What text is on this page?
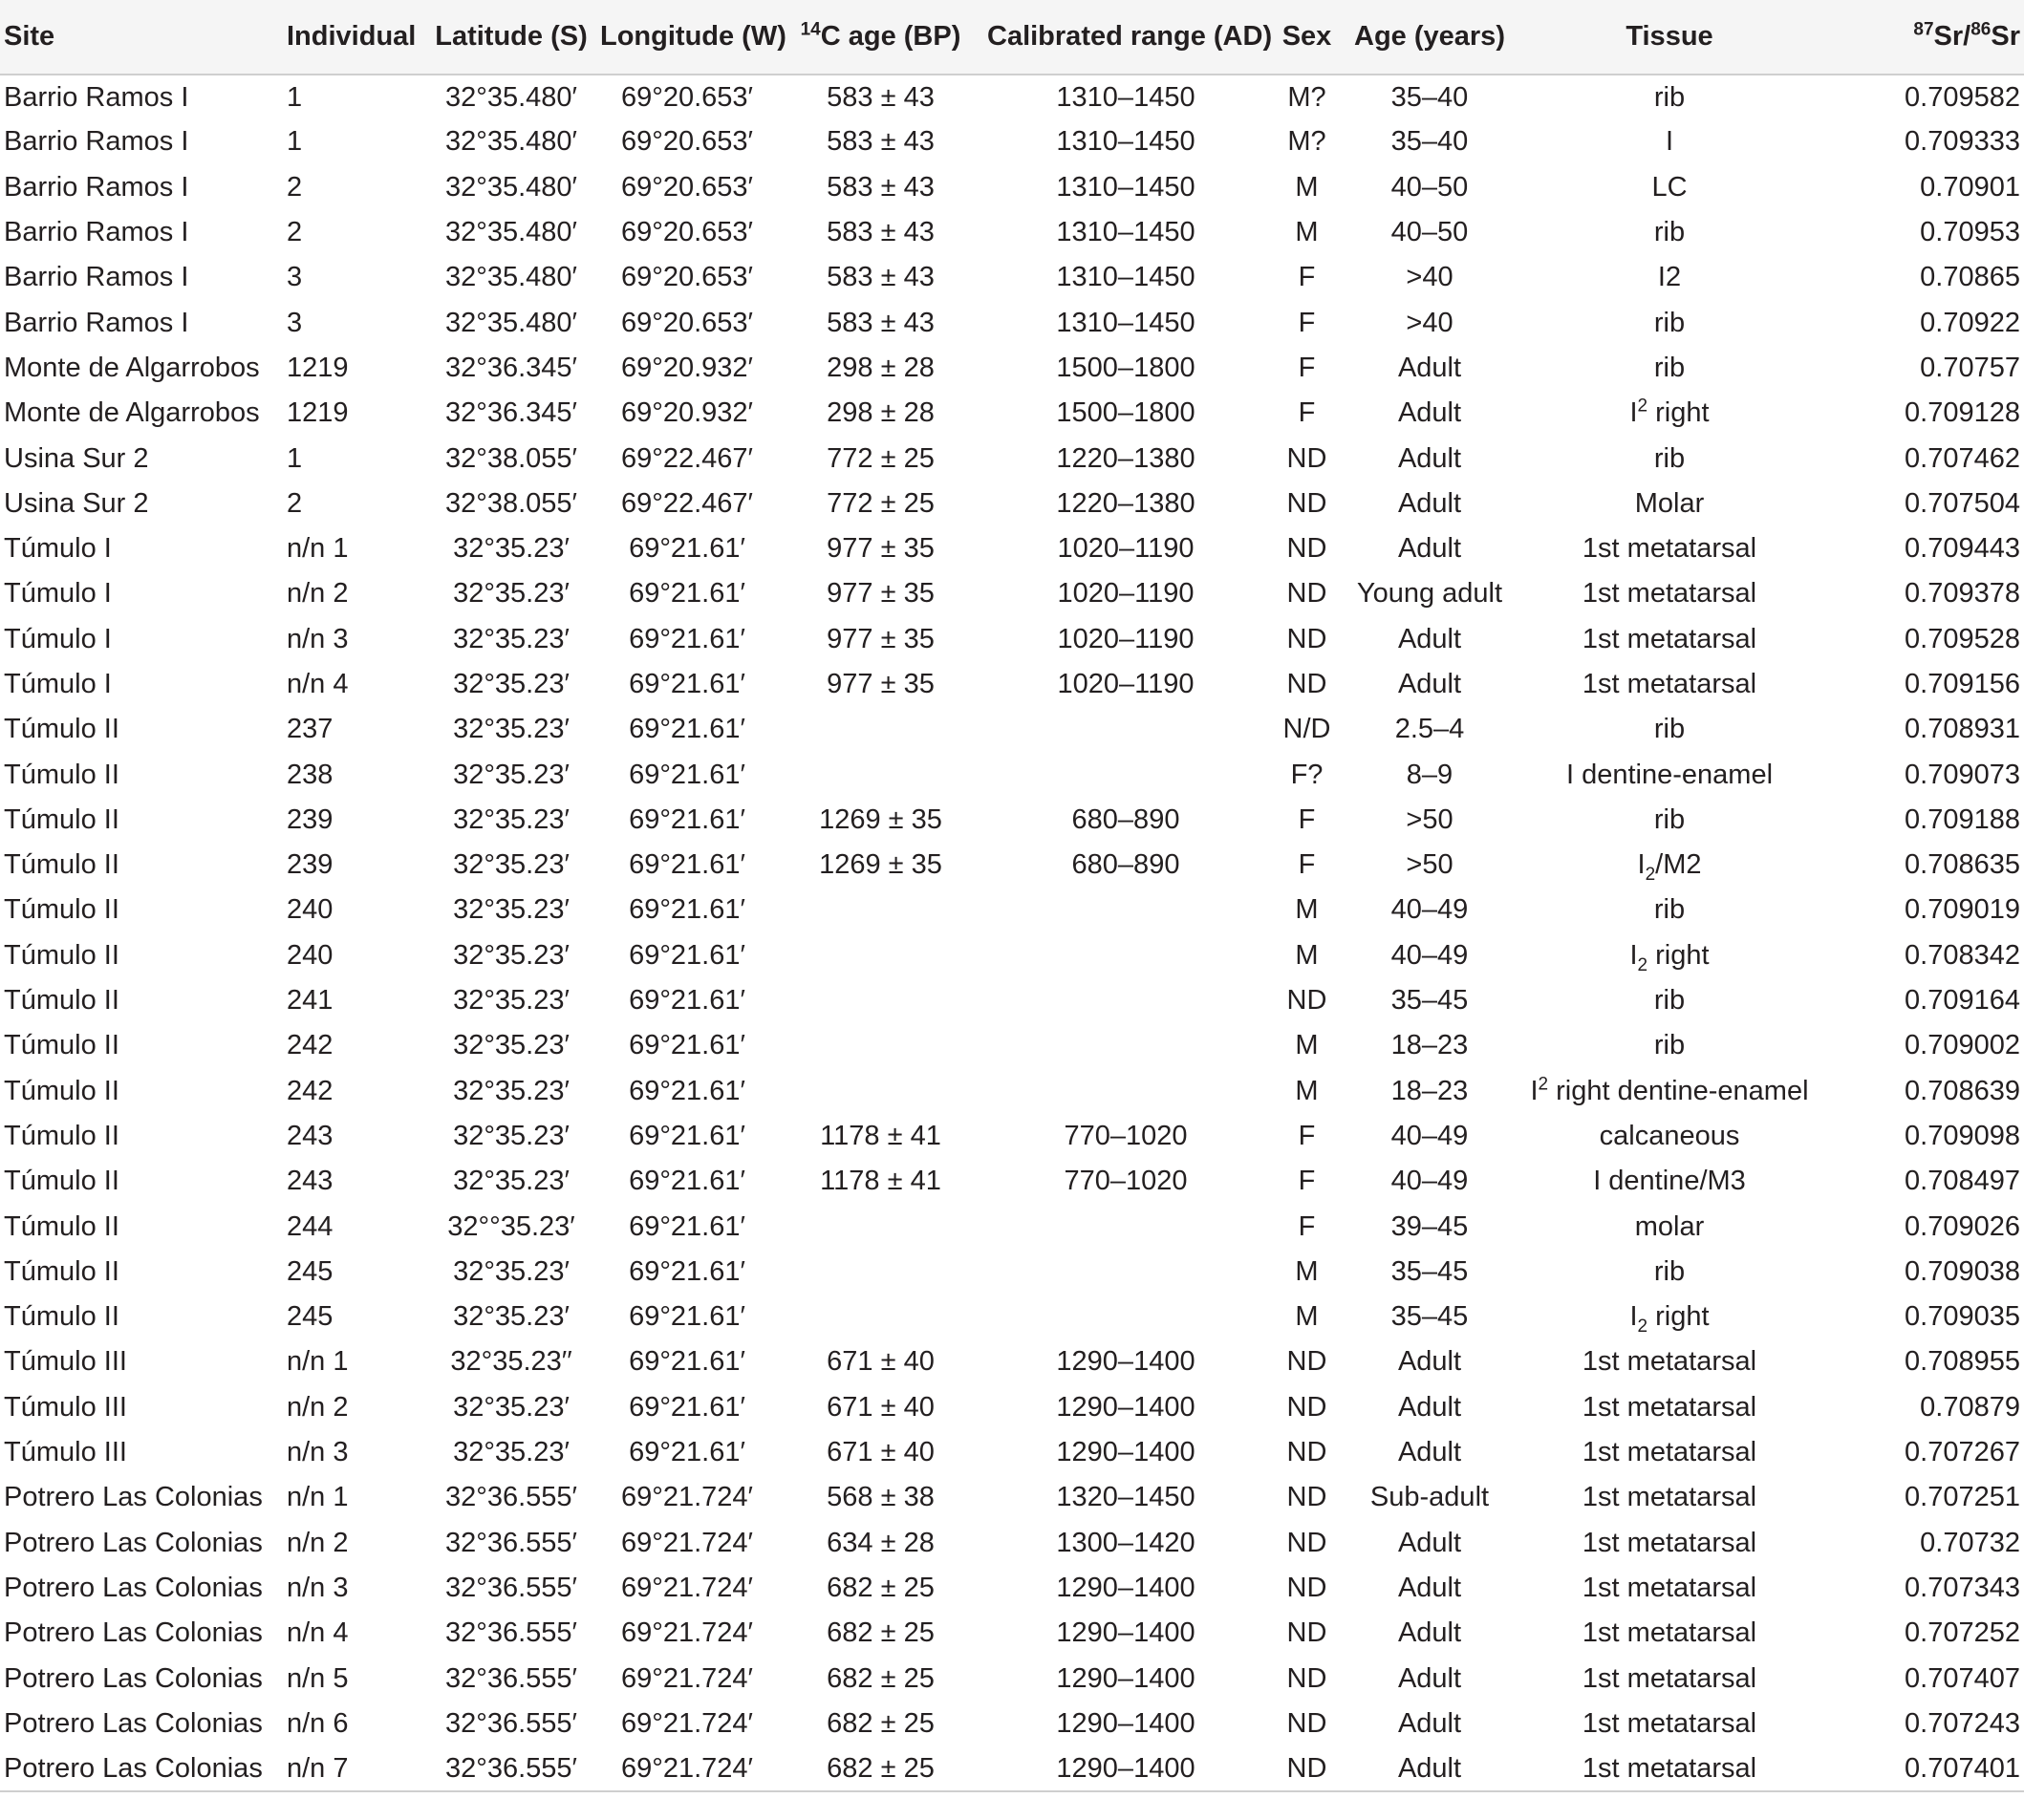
Site	Individual	Latitude (S)	Longitude (W)	$^{14}$C age (BP)	Calibrated range (AD)	Sex	Age (years)	Tissue	$^{87}$Sr/$^{86}$Sr
Barrio Ramos I	1	32°35.480′	69°20.653′	583 ± 43	1310–1450	M?	35–40	rib	0.709582
Barrio Ramos I	1	32°35.480′	69°20.653′	583 ± 43	1310–1450	M?	35–40	I	0.709333
Barrio Ramos I	2	32°35.480′	69°20.653′	583 ± 43	1310–1450	M	40–50	LC	0.70901
Barrio Ramos I	2	32°35.480′	69°20.653′	583 ± 43	1310–1450	M	40–50	rib	0.70953
Barrio Ramos I	3	32°35.480′	69°20.653′	583 ± 43	1310–1450	F	>40	I2	0.70865
Barrio Ramos I	3	32°35.480′	69°20.653′	583 ± 43	1310–1450	F	>40	rib	0.70922
Monte de Algarrobos	1219	32°36.345′	69°20.932′	298 ± 28	1500–1800	F	Adult	rib	0.70757
Monte de Algarrobos	1219	32°36.345′	69°20.932′	298 ± 28	1500–1800	F	Adult	$I^2$ right	0.709128
Usina Sur 2	1	32°38.055′	69°22.467′	772 ± 25	1220–1380	ND	Adult	rib	0.707462
Usina Sur 2	2	32°38.055′	69°22.467′	772 ± 25	1220–1380	ND	Adult	Molar	0.707504
Túmulo I	n/n 1	32°35.23′	69°21.61′	977 ± 35	1020–1190	ND	Adult	1st metatarsal	0.709443
Túmulo I	n/n 2	32°35.23′	69°21.61′	977 ± 35	1020–1190	ND	Young adult	1st metatarsal	0.709378
Túmulo I	n/n 3	32°35.23′	69°21.61′	977 ± 35	1020–1190	ND	Adult	1st metatarsal	0.709528
Túmulo I	n/n 4	32°35.23′	69°21.61′	977 ± 35	1020–1190	ND	Adult	1st metatarsal	0.709156
Túmulo II	237	32°35.23′	69°21.61′			N/D	2.5–4	rib	0.708931
Túmulo II	238	32°35.23′	69°21.61′			F?	8–9	I dentine-enamel	0.709073
Túmulo II	239	32°35.23′	69°21.61′	1269 ± 35	680–890	F	>50	rib	0.709188
Túmulo II	239	32°35.23′	69°21.61′	1269 ± 35	680–890	F	>50	$I_2/M2$	0.708635
Túmulo II	240	32°35.23′	69°21.61′			M	40–49	rib	0.709019
Túmulo II	240	32°35.23′	69°21.61′			M	40–49	$I_2$ right	0.708342
Túmulo II	241	32°35.23′	69°21.61′			ND	35–45	rib	0.709164
Túmulo II	242	32°35.23′	69°21.61′			M	18–23	rib	0.709002
Túmulo II	242	32°35.23′	69°21.61′			M	18–23	$I^2$ right dentine-enamel	0.708639
Túmulo II	243	32°35.23′	69°21.61′	1178 ± 41	770–1020	F	40–49	calcaneous	0.709098
Túmulo II	243	32°35.23′	69°21.61′	1178 ± 41	770–1020	F	40–49	I dentine/M3	0.708497
Túmulo II	244	32°°35.23′	69°21.61′			F	39–45	molar	0.709026
Túmulo II	245	32°35.23′	69°21.61′			M	35–45	rib	0.709038
Túmulo II	245	32°35.23′	69°21.61′			M	35–45	$I_2$ right	0.709035
Túmulo III	n/n 1	32°35.23′′	69°21.61′	671 ± 40	1290–1400	ND	Adult	1st metatarsal	0.708955
Túmulo III	n/n 2	32°35.23′	69°21.61′	671 ± 40	1290–1400	ND	Adult	1st metatarsal	0.70879
Túmulo III	n/n 3	32°35.23′	69°21.61′	671 ± 40	1290–1400	ND	Adult	1st metatarsal	0.707267
Potrero Las Colonias	n/n 1	32°36.555′	69°21.724′	568 ± 38	1320–1450	ND	Sub-adult	1st metatarsal	0.707251
Potrero Las Colonias	n/n 2	32°36.555′	69°21.724′	634 ± 28	1300–1420	ND	Adult	1st metatarsal	0.70732
Potrero Las Colonias	n/n 3	32°36.555′	69°21.724′	682 ± 25	1290–1400	ND	Adult	1st metatarsal	0.707343
Potrero Las Colonias	n/n 4	32°36.555′	69°21.724′	682 ± 25	1290–1400	ND	Adult	1st metatarsal	0.707252
Potrero Las Colonias	n/n 5	32°36.555′	69°21.724′	682 ± 25	1290–1400	ND	Adult	1st metatarsal	0.707407
Potrero Las Colonias	n/n 6	32°36.555′	69°21.724′	682 ± 25	1290–1400	ND	Adult	1st metatarsal	0.707243
Potrero Las Colonias	n/n 7	32°36.555′	69°21.724′	682 ± 25	1290–1400	ND	Adult	1st metatarsal	0.707401
